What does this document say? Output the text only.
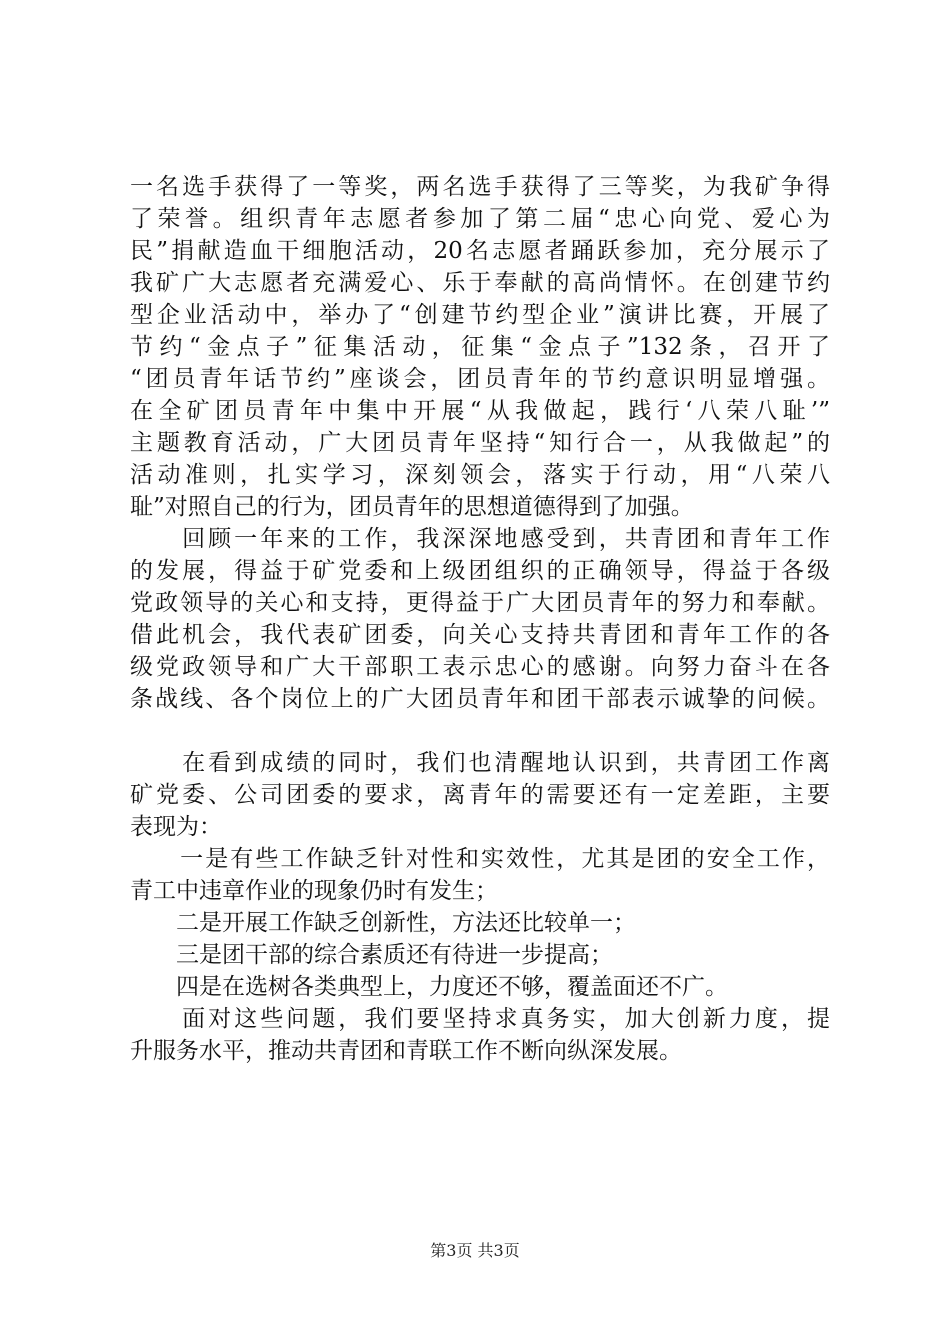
一名选手获得了一等奖，两名选手获得了三等奖，为我矿争得
了荣誉。组织青年志愿者参加了第二届“忠心向党、爱心为
民”捐献造血干细胞活动，20名志愿者踊跃参加，充分展示了
我矿广大志愿者充满爱心、乐于奉献的高尚情怀。在创建节约
型企业活动中，举办了“创建节约型企业”演讲比赛，开展了
节约“金点子”征集活动，征集“金点子”132条，召开了
“团员青年话节约”座谈会，团员青年的节约意识明显增强。
在全矿团员青年中集中开展“从我做起，践行‘八荣八耻’”
主题教育活动，广大团员青年坚持“知行合一，从我做起”的
活动准则，扎实学习，深刻领会，落实于行动，用“八荣八
耻”对照自己的行为，团员青年的思想道德得到了加强。
　　回顾一年来的工作，我深深地感受到，共青团和青年工作
的发展，得益于矿党委和上级团组织的正确领导，得益于各级
党政领导的关心和支持，更得益于广大团员青年的努力和奉献。
借此机会，我代表矿团委，向关心支持共青团和青年工作的各
级党政领导和广大干部职工表示忠心的感谢。向努力奋斗在各
条战线、各个岗位上的广大团员青年和团干部表示诚挚的问候。
　　在看到成绩的同时，我们也清醒地认识到，共青团工作离
矿党委、公司团委的要求，离青年的需要还有一定差距，主要
表现为：
　　一是有些工作缺乏针对性和实效性，尤其是团的安全工作，
青工中违章作业的现象仍时有发生；
　　二是开展工作缺乏创新性，方法还比较单一；
　　三是团干部的综合素质还有待进一步提高；
　　四是在选树各类典型上，力度还不够，覆盖面还不广。
　　面对这些问题，我们要坚持求真务实，加大创新力度，提
升服务水平，推动共青团和青联工作不断向纵深发展。
第3页 共3页
